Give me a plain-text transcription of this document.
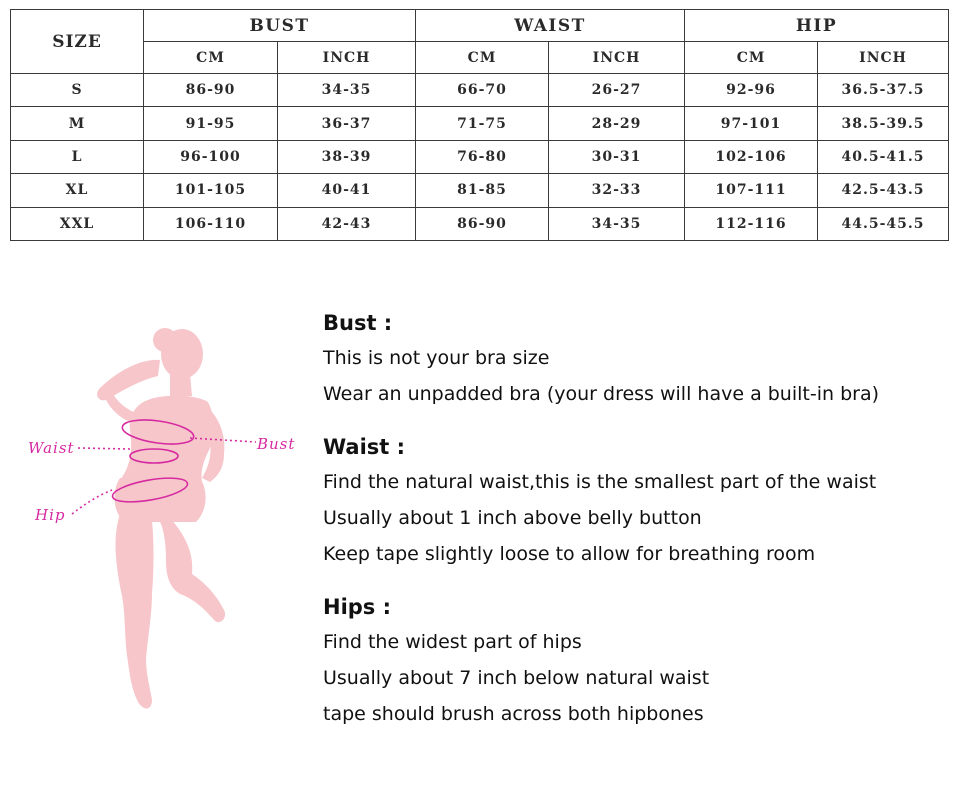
SIZE	BUST		WAIST		HIP	
	CM	INCH	CM	INCH	CM	INCH
S	86-90	34-35	66-70	26-27	92-96	36.5-37.5
M	91-95	36-37	71-75	28-29	97-101	38.5-39.5
L	96-100	38-39	76-80	30-31	102-106	40.5-41.5
XL	101-105	40-41	81-85	32-33	107-111	42.5-43.5
XXL	106-110	42-43	86-90	34-35	112-116	44.5-45.5
Waist	Bust
Hip

Bust :

This is not your bra size

Wear an unpadded bra (your dress will have a built-in bra)

Waist :

Find the natural waist,this is the smallest part of the waist

Usually about 1 inch above belly button

Keep tape slightly loose to allow for breathing room

Hips :

Find the widest part of hips

Usually about 7 inch below natural waist

tape should brush across both hipbones
